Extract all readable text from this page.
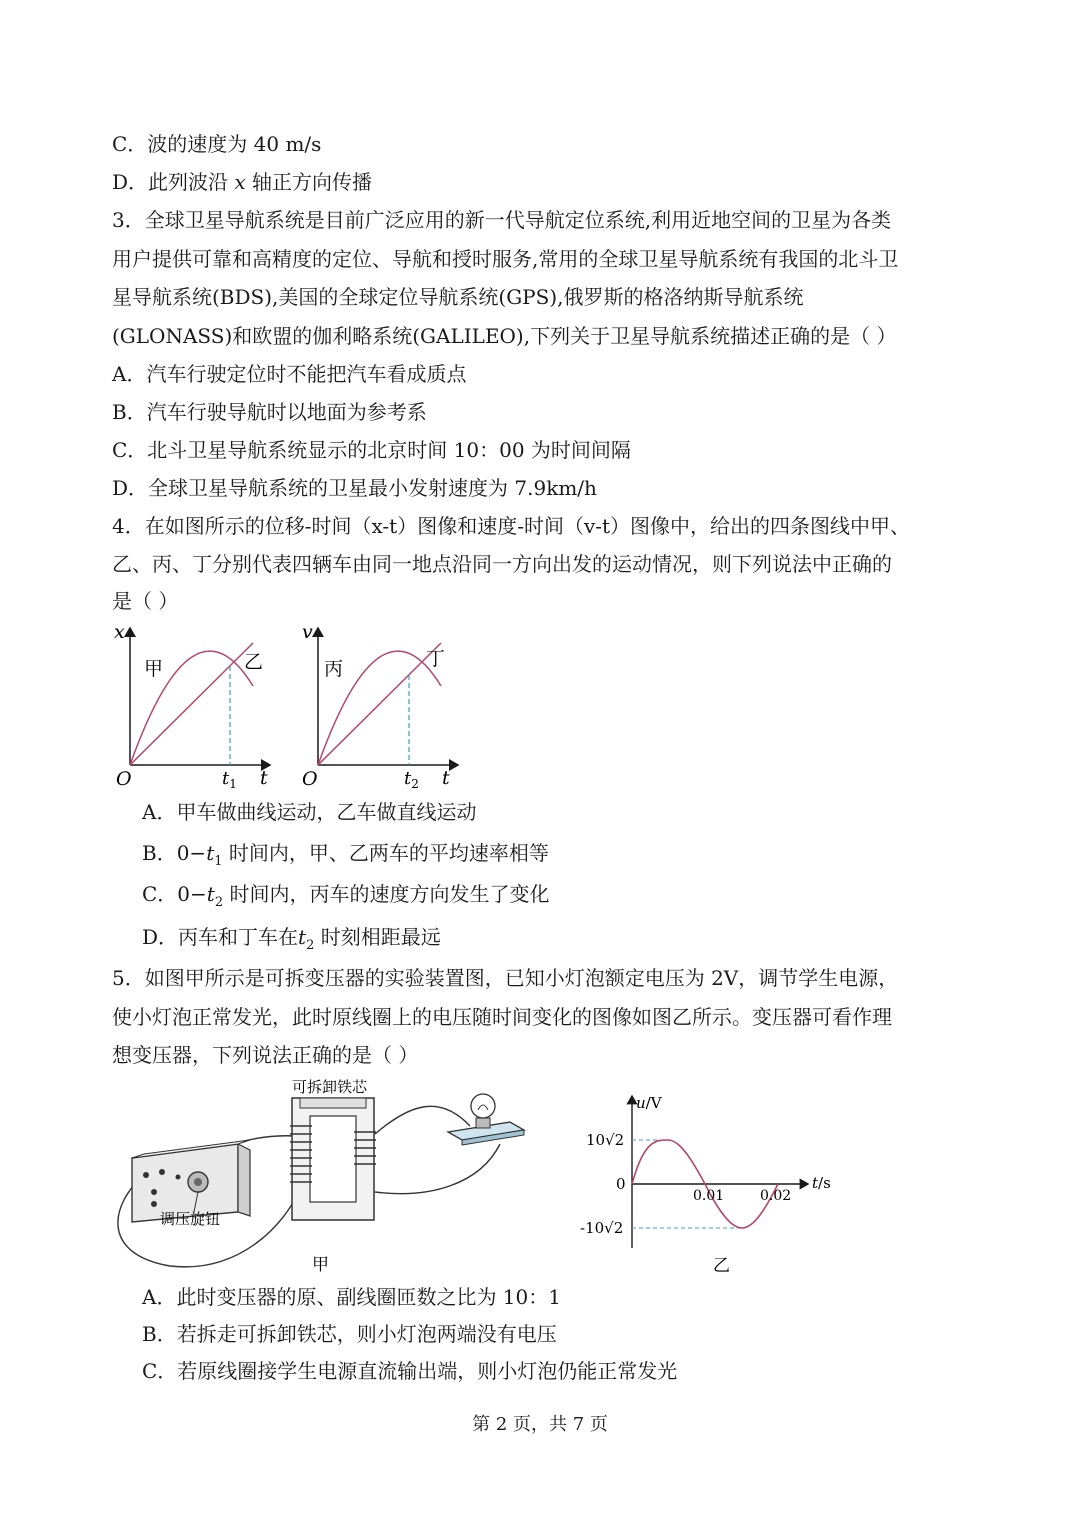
C．波的速度为 40 m/s
D．此列波沿 x 轴正方向传播
3．全球卫星导航系统是目前广泛应用的新一代导航定位系统,利用近地空间的卫星为各类
用户提供可靠和高精度的定位、导航和授时服务,常用的全球卫星导航系统有我国的北斗卫
星导航系统(BDS),美国的全球定位导航系统(GPS),俄罗斯的格洛纳斯导航系统
(GLONASS)和欧盟的伽利略系统(GALILEO),下列关于卫星导航系统描述正确的是（ ）
A．汽车行驶定位时不能把汽车看成质点
B．汽车行驶导航时以地面为参考系
C．北斗卫星导航系统显示的北京时间 10：00 为时间间隔
D．全球卫星导航系统的卫星最小发射速度为 7.9km/h
4．在如图所示的位移-时间（x-t）图像和速度-时间（v-t）图像中，给出的四条图线中甲、
乙、丙、丁分别代表四辆车由同一地点沿同一方向出发的运动情况，则下列说法中正确的
是（ ）
x
甲	乙
O	$t_1$ t
v
丙	丁
O	$t_2$ t
A．甲车做曲线运动，乙车做直线运动
B．$0-t_1$ 时间内，甲、乙两车的平均速率相等
C．$0-t_2$ 时间内，丙车的速度方向发生了变化
D．丙车和丁车在$t_2$ 时刻相距最远
5．如图甲所示是可拆变压器的实验装置图，已知小灯泡额定电压为 2V，调节学生电源，
使小灯泡正常发光，此时原线圈上的电压随时间变化的图像如图乙所示。变压器可看作理
想变压器，下列说法正确的是（ ）
调压旋钮
可拆卸铁芯
甲
u/V
10√2
0
-10√2
0.01	0.02
t/s
乙
A．此时变压器的原、副线圈匝数之比为 10：1
B．若拆走可拆卸铁芯，则小灯泡两端没有电压
C．若原线圈接学生电源直流输出端，则小灯泡仍能正常发光
第 2 页，共 7 页
